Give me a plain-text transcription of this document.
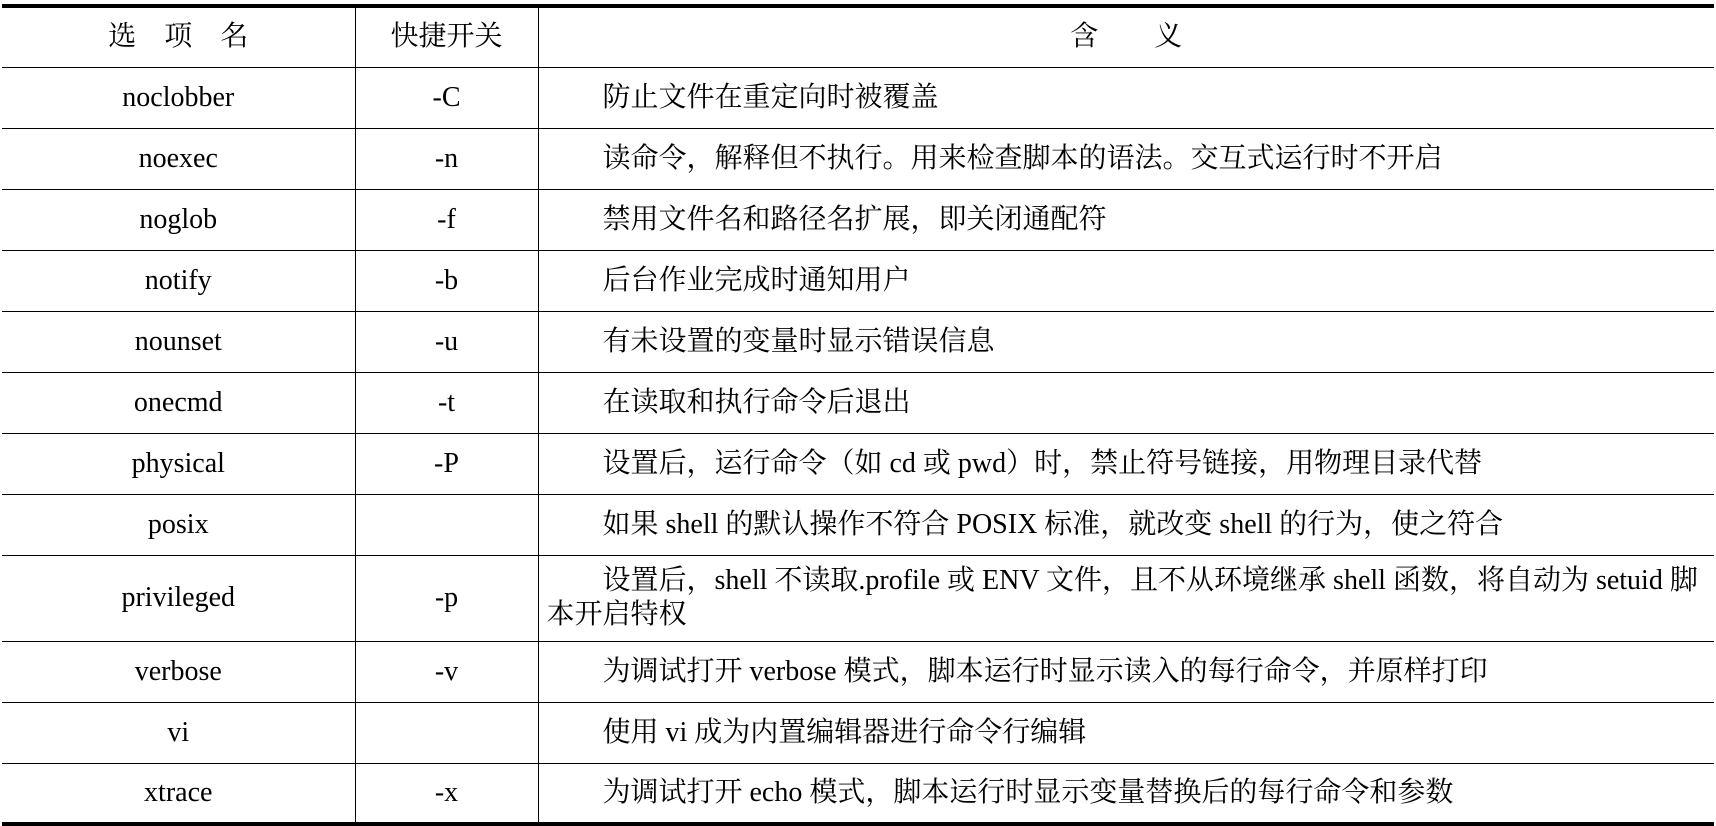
选　项　名	快捷开关	含　　义
noclobber	-C	防止文件在重定向时被覆盖
noexec	-n	读命令，解释但不执行。用来检查脚本的语法。交互式运行时不开启
noglob	-f	禁用文件名和路径名扩展，即关闭通配符
notify	-b	后台作业完成时通知用户
nounset	-u	有未设置的变量时显示错误信息
onecmd	-t	在读取和执行命令后退出
physical	-P	设置后，运行命令（如 cd 或 pwd）时，禁止符号链接，用物理目录代替
posix		如果 shell 的默认操作不符合 POSIX 标准，就改变 shell 的行为，使之符合
privileged	-p	设置后，shell 不读取.profile 或 ENV 文件，且不从环境继承 shell 函数，将自动为 setuid 脚本开启特权
verbose	-v	为调试打开 verbose 模式，脚本运行时显示读入的每行命令，并原样打印
vi		使用 vi 成为内置编辑器进行命令行编辑
xtrace	-x	为调试打开 echo 模式，脚本运行时显示变量替换后的每行命令和参数
